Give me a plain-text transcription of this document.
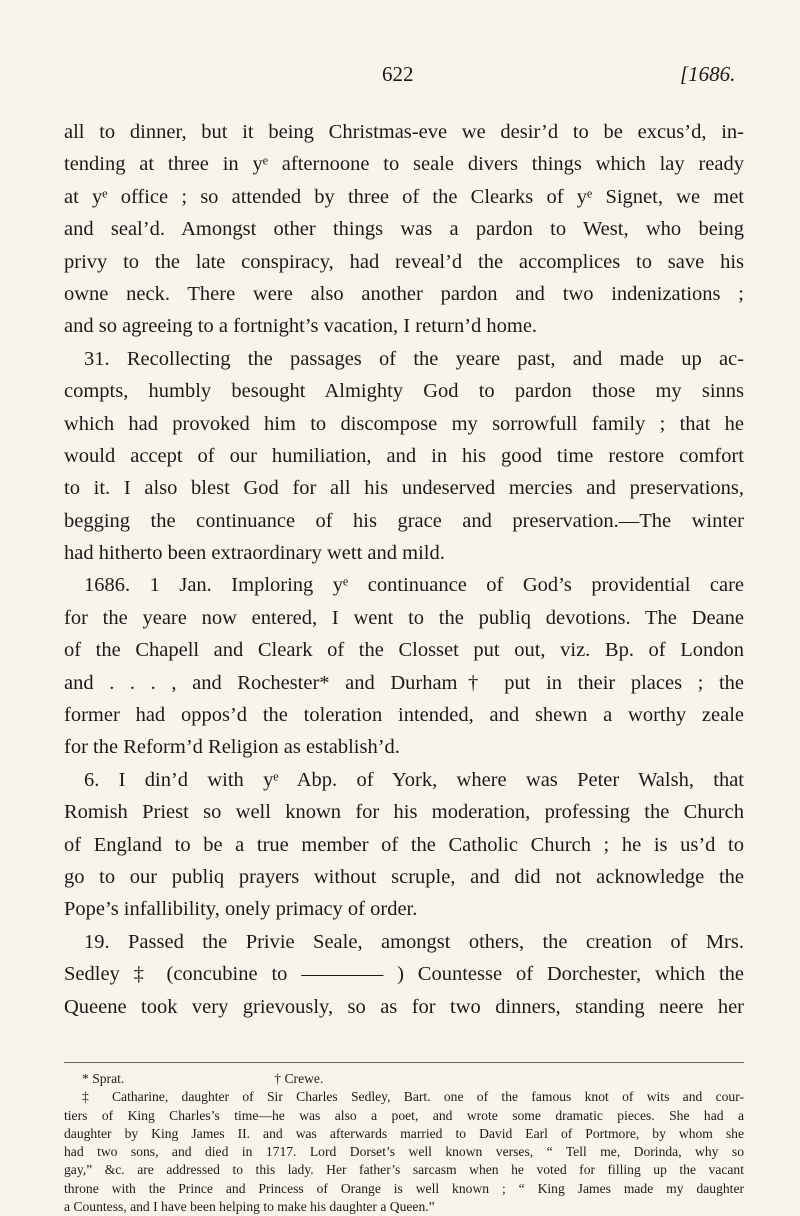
622	[1686.
all to dinner, but it being Christmas-eve we desir’d to be excus’d, in-
tending at three in yᵉ afternoone to seale divers things which lay ready
at yᵉ office ; so attended by three of the Clearks of yᵉ Signet, we met
and seal’d. Amongst other things was a pardon to West, who being
privy to the late conspiracy, had reveal’d the accomplices to save his
owne neck. There were also another pardon and two indenizations ;
and so agreeing to a fortnight’s vacation, I return’d home.
31. Recollecting the passages of the yeare past, and made up ac-
compts, humbly besought Almighty God to pardon those my sinns
which had provoked him to discompose my sorrowfull family ; that he
would accept of our humiliation, and in his good time restore comfort
to it. I also blest God for all his undeserved mercies and preservations,
begging the continuance of his grace and preservation.—The winter
had hitherto been extraordinary wett and mild.
1686. 1 Jan. Imploring yᵉ continuance of God’s providential care
for the yeare now entered, I went to the publiq devotions. The Deane
of the Chapell and Cleark of the Closset put out, viz. Bp. of London
and . . . , and Rochester* and Durham† put in their places ; the
former had oppos’d the toleration intended, and shewn a worthy zeale
for the Reform’d Religion as establish’d.
6. I din’d with yᵉ Abp. of York, where was Peter Walsh, that
Romish Priest so well known for his moderation, professing the Church
of England to be a true member of the Catholic Church ; he is us’d to
go to our publiq prayers without scruple, and did not acknowledge the
Pope’s infallibility, onely primacy of order.
19. Passed the Privie Seale, amongst others, the creation of Mrs.
Sedley ‡ (concubine to ———— ) Countesse of Dorchester, which the
Queene took very grievously, so as for two dinners, standing neere her
* Sprat.	† Crewe.
‡ Catharine, daughter of Sir Charles Sedley, Bart. one of the famous knot of wits and cour-
tiers of King Charles’s time—he was also a poet, and wrote some dramatic pieces. She had a
daughter by King James II. and was afterwards married to David Earl of Portmore, by whom she
had two sons, and died in 1717. Lord Dorset’s well known verses, “ Tell me, Dorinda, why so
gay,” &c. are addressed to this lady. Her father’s sarcasm when he voted for filling up the vacant
throne with the Prince and Princess of Orange is well known ; “ King James made my daughter
a Countess, and I have been helping to make his daughter a Queen.”
